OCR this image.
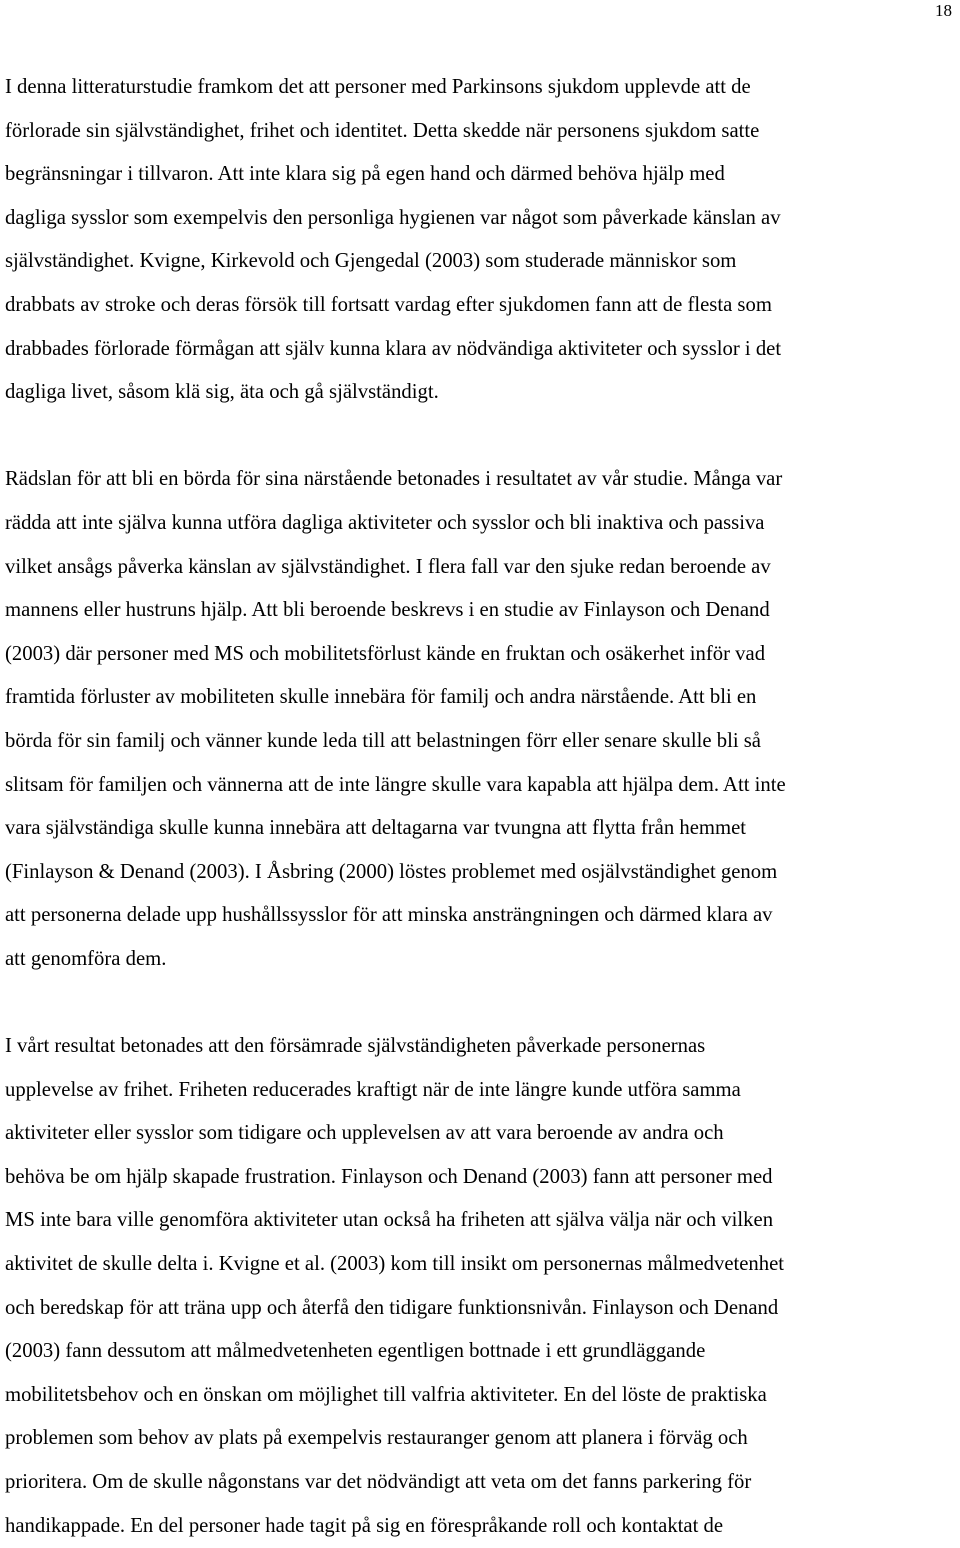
18

I denna litteraturstudie framkom det att personer med Parkinsons sjukdom upplevde att de
förlorade sin självständighet, frihet och identitet. Detta skedde när personens sjukdom satte
begränsningar i tillvaron. Att inte klara sig på egen hand och därmed behöva hjälp med
dagliga sysslor som exempelvis den personliga hygienen var något som påverkade känslan av
självständighet. Kvigne, Kirkevold och Gjengedal (2003) som studerade människor som
drabbats av stroke och deras försök till fortsatt vardag efter sjukdomen fann att de flesta som
drabbades förlorade förmågan att själv kunna klara av nödvändiga aktiviteter och sysslor i det
dagliga livet, såsom klä sig, äta och gå självständigt.

Rädslan för att bli en börda för sina närstående betonades i resultatet av vår studie. Många var
rädda att inte själva kunna utföra dagliga aktiviteter och sysslor och bli inaktiva och passiva
vilket ansågs påverka känslan av självständighet. I flera fall var den sjuke redan beroende av
mannens eller hustruns hjälp. Att bli beroende beskrevs i en studie av Finlayson och Denand
(2003) där personer med MS och mobilitetsförlust kände en fruktan och osäkerhet inför vad
framtida förluster av mobiliteten skulle innebära för familj och andra närstående. Att bli en
börda för sin familj och vänner kunde leda till att belastningen förr eller senare skulle bli så
slitsam för familjen och vännerna att de inte längre skulle vara kapabla att hjälpa dem. Att inte
vara självständiga skulle kunna innebära att deltagarna var tvungna att flytta från hemmet
(Finlayson & Denand (2003). I Åsbring (2000) löstes problemet med osjälvständighet genom
att personerna delade upp hushållssysslor för att minska ansträngningen och därmed klara av
att genomföra dem.

I vårt resultat betonades att den försämrade självständigheten påverkade personernas
upplevelse av frihet. Friheten reducerades kraftigt när de inte längre kunde utföra samma
aktiviteter eller sysslor som tidigare och upplevelsen av att vara beroende av andra och
behöva be om hjälp skapade frustration. Finlayson och Denand (2003) fann att personer med
MS inte bara ville genomföra aktiviteter utan också ha friheten att själva välja när och vilken
aktivitet de skulle delta i. Kvigne et al. (2003) kom till insikt om personernas målmedvetenhet
och beredskap för att träna upp och återfå den tidigare funktionsnivån. Finlayson och Denand
(2003) fann dessutom att målmedvetenheten egentligen bottnade i ett grundläggande
mobilitetsbehov och en önskan om möjlighet till valfria aktiviteter. En del löste de praktiska
problemen som behov av plats på exempelvis restauranger genom att planera i förväg och
prioritera. Om de skulle någonstans var det nödvändigt att veta om det fanns parkering för
handikappade. En del personer hade tagit på sig en förespråkande roll och kontaktat de
